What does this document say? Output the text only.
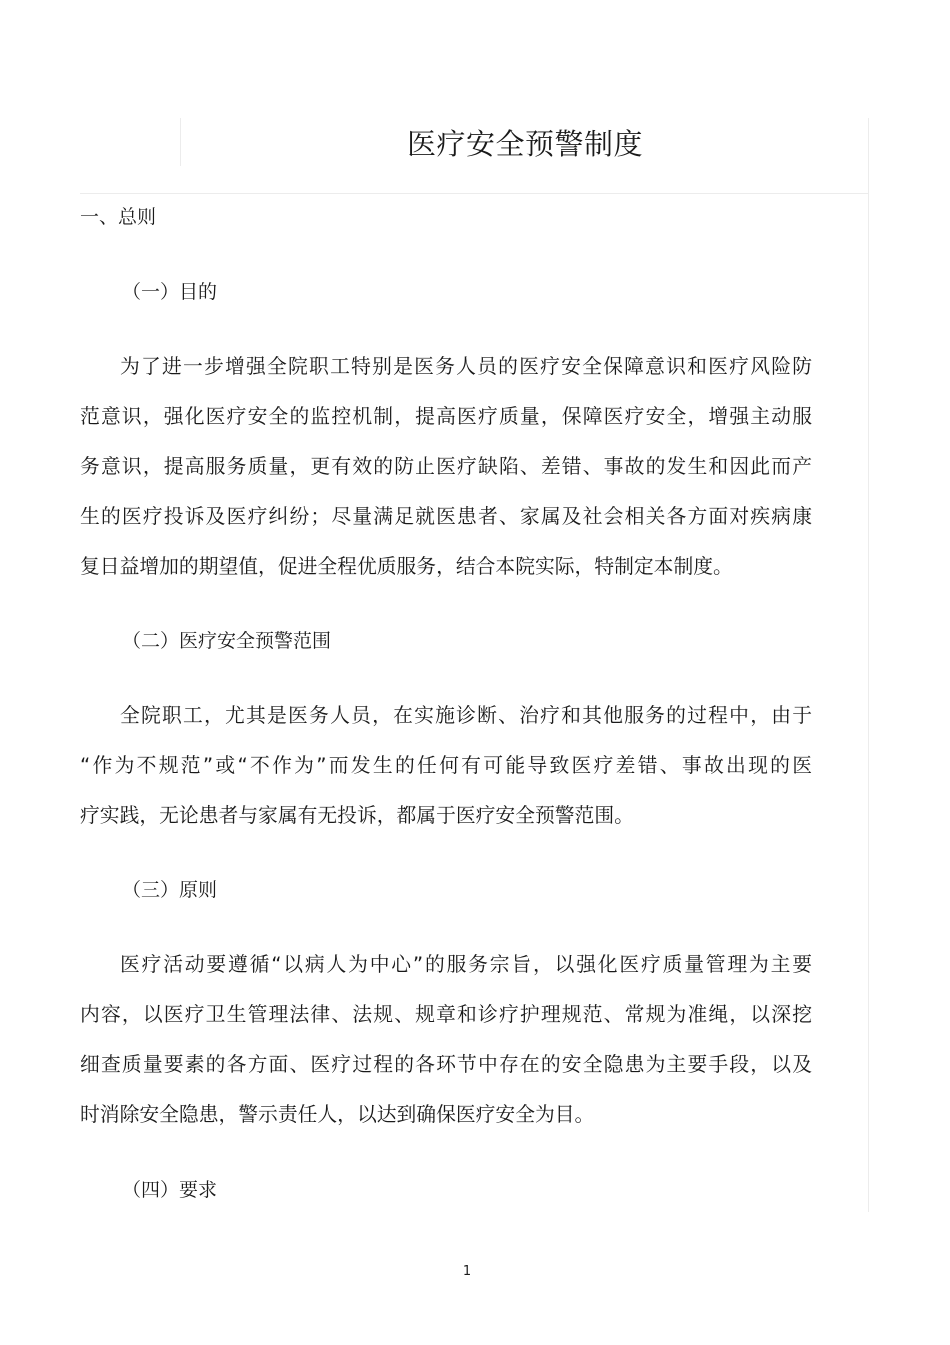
医疗安全预警制度
一、总则
（一）目的
为了进一步增强全院职工特别是医务人员的医疗安全保障意识和医疗风险防
范意识，强化医疗安全的监控机制，提高医疗质量，保障医疗安全，增强主动服
务意识，提高服务质量，更有效的防止医疗缺陷、差错、事故的发生和因此而产
生的医疗投诉及医疗纠纷；尽量满足就医患者、家属及社会相关各方面对疾病康
复日益增加的期望值，促进全程优质服务，结合本院实际，特制定本制度。
（二）医疗安全预警范围
全院职工，尤其是医务人员，在实施诊断、治疗和其他服务的过程中，由于
“作为不规范”或“不作为”而发生的任何有可能导致医疗差错、事故出现的医
疗实践，无论患者与家属有无投诉，都属于医疗安全预警范围。
（三）原则
医疗活动要遵循“以病人为中心”的服务宗旨，以强化医疗质量管理为主要
内容，以医疗卫生管理法律、法规、规章和诊疗护理规范、常规为准绳，以深挖
细查质量要素的各方面、医疗过程的各环节中存在的安全隐患为主要手段，以及
时消除安全隐患，警示责任人，以达到确保医疗安全为目。
（四）要求
1
